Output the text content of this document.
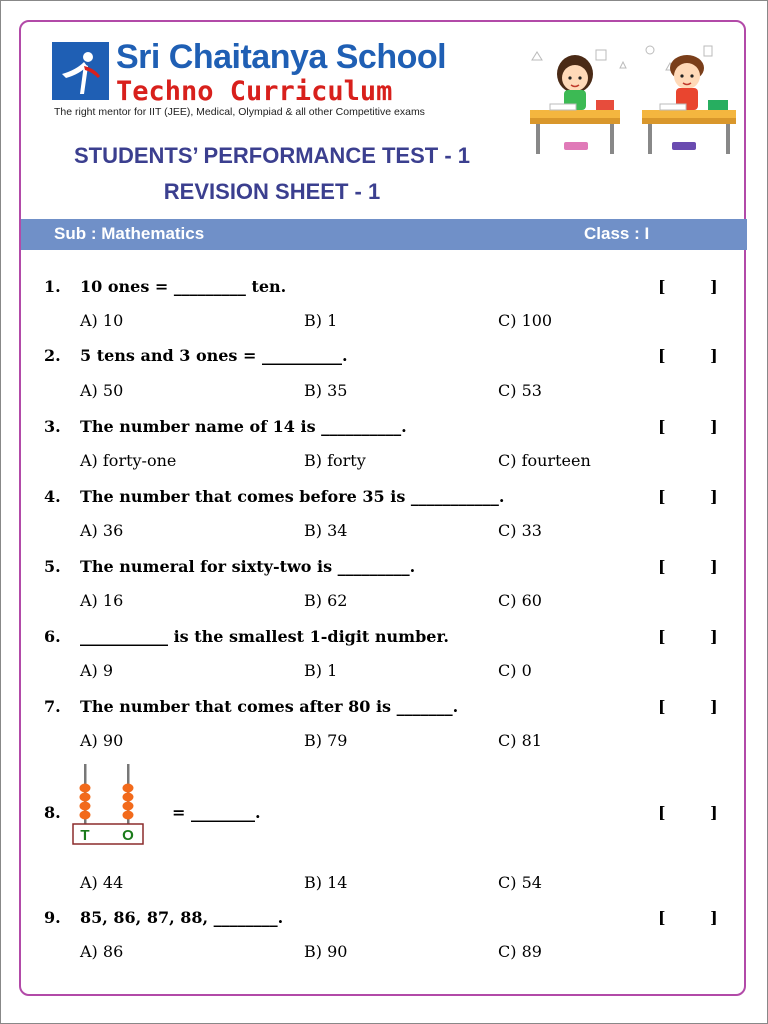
Sri Chaitanya School
Techno Curriculum
The right mentor for IIT (JEE), Medical, Olympiad & all other Competitive exams
STUDENTS’ PERFORMANCE TEST - 1
REVISION SHEET - 1
Sub : Mathematics	Class : I
1. 10 ones = _________ ten.	[        ]
A) 10	B) 1	C) 100
2. 5 tens and 3 ones = __________.	[        ]
A) 50	B) 35	C) 53
3. The number name of 14 is __________.	[        ]
A) forty-one	B) forty	C) fourteen
4. The number that comes before 35 is ___________.	[        ]
A) 36	B) 34	C) 33
5. The numeral for sixty-two is _________.	[        ]
A) 16	B) 62	C) 60
6. ___________ is the smallest 1-digit number.	[        ]
A) 9	B) 1	C) 0
7. The number that comes after 80 is _______.	[        ]
A) 90	B) 79	C) 81
8.
T O
= ________.	[        ]
A) 44	B) 14	C) 54
9. 85, 86, 87, 88, ________.	[        ]
A) 86	B) 90	C) 89
